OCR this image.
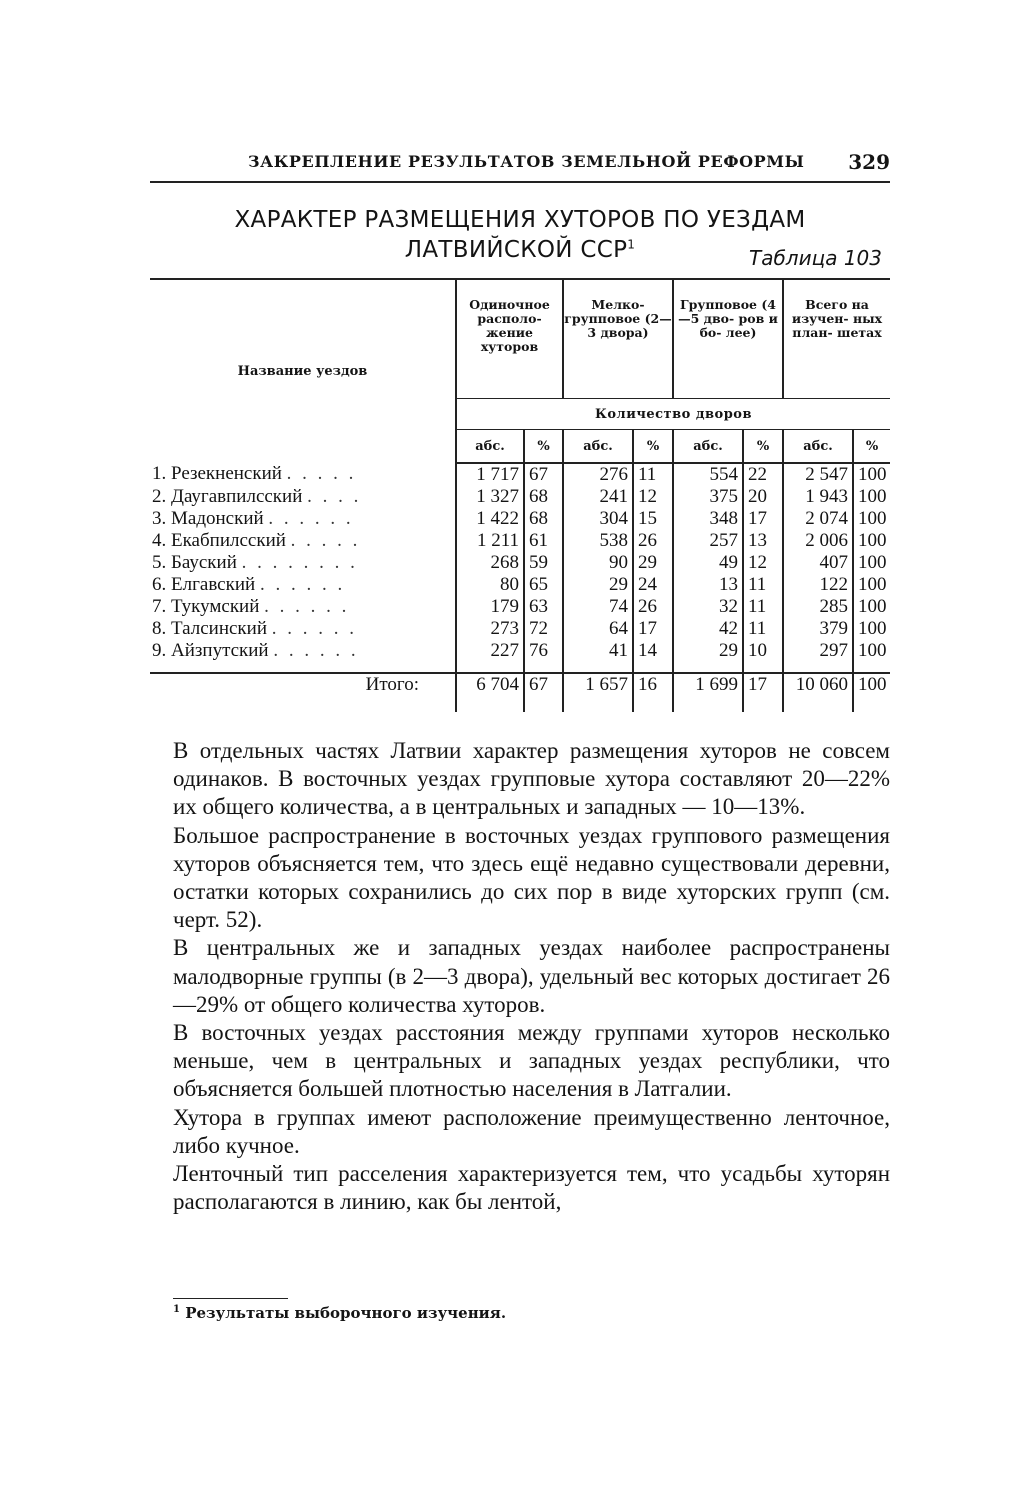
ЗАКРЕПЛЕНИЕ РЕЗУЛЬТАТОВ ЗЕМЕЛЬНОЙ РЕФОРМЫ 329
ХАРАКТЕР РАЗМЕЩЕНИЯ ХУТОРОВ ПО УЕЗДАМ
ЛАТВИЙСКОЙ ССР$^1$
Таблица 103
Название уездов	Одиночное располо- жение хуторов		Мелко- групповое (2—3 двора)		Групповое (4—5 дво- ров и бо- лее)		Всего на изучен- ных план- шетах	
	Количество дворов							
	абс.	%	абс.	%	абс.	%	абс.	%
1. Резекненский . . . . .	1 717	67	276	11	554	22	2 547	100
2. Даугавпилсский . . . .	1 327	68	241	12	375	20	1 943	100
3. Мадонский . . . . . .	1 422	68	304	15	348	17	2 074	100
4. Екабпилсский . . . . .	1 211	61	538	26	257	13	2 006	100
5. Бауский . . . . . . . .	268	59	90	29	49	12	407	100
6. Елгавский . . . . . .	80	65	29	24	13	11	122	100
7. Тукумский . . . . . .	179	63	74	26	32	11	285	100
8. Талсинский . . . . . .	273	72	64	17	42	11	379	100
9. Айзпутский . . . . . .	227	76	41	14	29	10	297	100

Итого:	6 704	67	1 657	16	1 699	17	10 060	100

В отдельных частях Латвии характер размещения хуторов не совсем одинаков. В восточных уездах групповые хутора составляют 20—22% их общего количества, а в центральных и западных — 10—13%.

Большое распространение в восточных уездах группового размещения хуторов объясняется тем, что здесь ещё недавно существовали деревни, остатки которых сохранились до сих пор в виде хуторских групп (см. черт. 52).

В центральных же и западных уездах наиболее распространены малодворные группы (в 2—3 двора), удельный вес которых достигает 26—29% от общего количества хуторов.

В восточных уездах расстояния между группами хуторов несколько меньше, чем в центральных и западных уездах республики, что объясняется большей плотностью населения в Латгалии.

Хутора в группах имеют расположение преимущественно ленточное, либо кучное.

Ленточный тип расселения характеризуется тем, что усадьбы хуторян располагаются в линию, как бы лентой,

$^1$ Результаты выборочного изучения.
